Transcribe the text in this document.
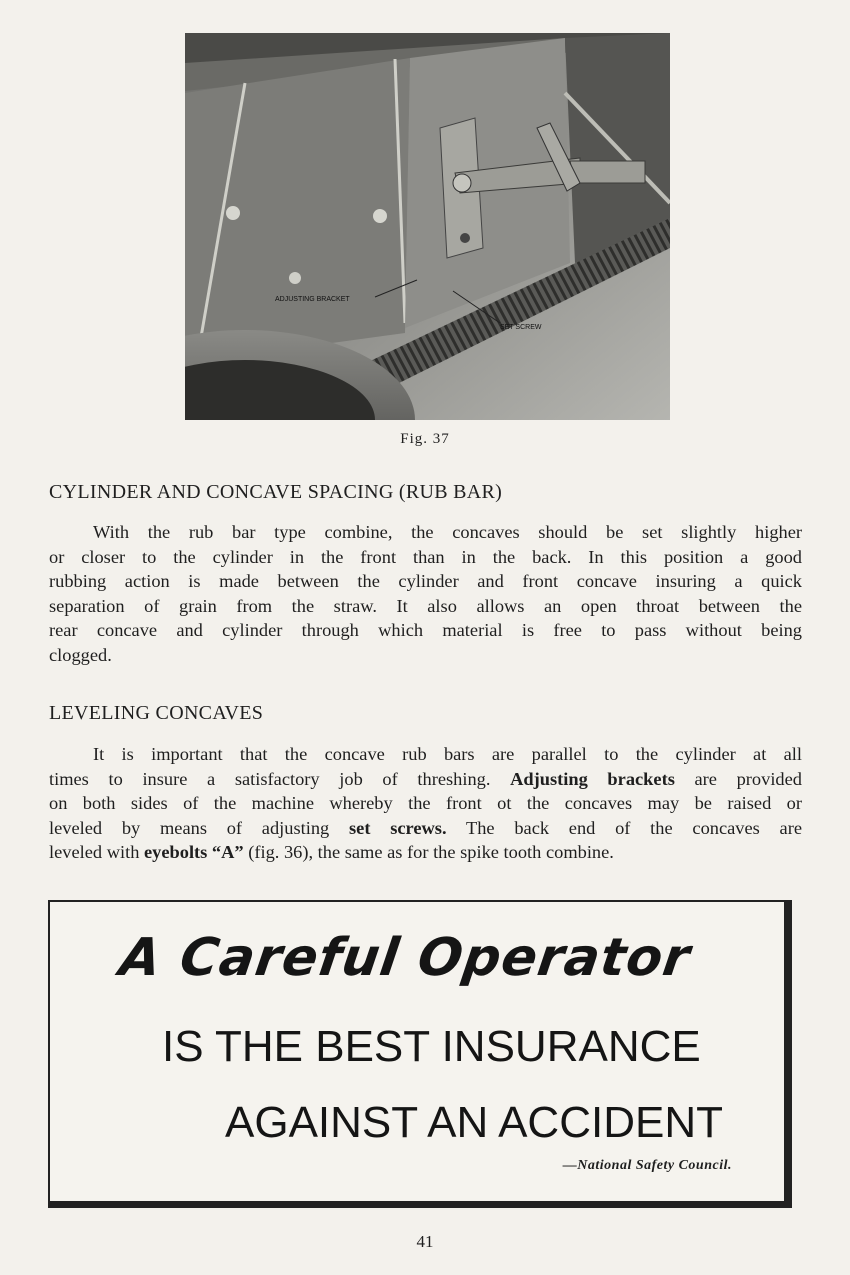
ADJUSTING BRACKET
SET SCREW
Fig. 37
CYLINDER AND CONCAVE SPACING (RUB BAR)
With the rub bar type combine, the concaves should be set slightly higher
or closer to the cylinder in the front than in the back. In this position a good
rubbing action is made between the cylinder and front concave insuring a quick
separation of grain from the straw. It also allows an open throat between the
rear concave and cylinder through which material is free to pass without being
clogged.
LEVELING CONCAVES
It is important that the concave rub bars are parallel to the cylinder at all
times to insure a satisfactory job of threshing. Adjusting brackets are provided
on both sides of the machine whereby the front ot the concaves may be raised or
leveled by means of adjusting set screws. The back end of the concaves are
leveled with eyebolts “A” (fig. 36), the same as for the spike tooth combine.
A Careful Operator
IS THE BEST INSURANCE
AGAINST AN ACCIDENT
—National Safety Council.
41
